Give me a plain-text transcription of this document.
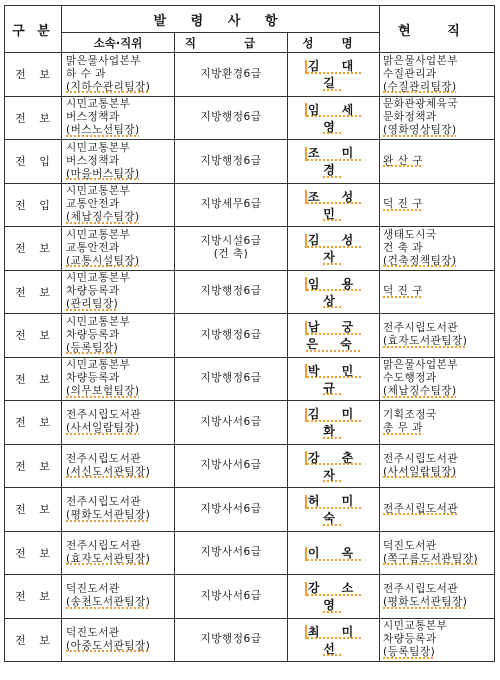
구 분	발 령 사 항			현 직
	소속·직위	직 급	성 명	
전 보	맑은물사업본부
하 수 과
(지하수관리팀장)	지방환경6급	김 대 길	맑은물사업본부
수질관리과
(수질관리팀장)

전 보	시민교통본부
버스정책과
(버스노선팀장)	지방행정6급	임 세 영	문화관광체육국
문화정책과
(영화영상팀장)

전 입	시민교통본부
버스정책과
(마을버스팀장)	지방행정6급	조 미 경	완 산 구

전 입	시민교통본부
교통안전과
(체납징수팀장)	지방세무6급	조 성 민	덕 진 구

전 보	시민교통본부
교통안전과
(교통시설팀장)	지방시설6급
(건 축)	김 성 자	생태도시국
건 축 과
(건축정책팀장)

전 보	시민교통본부
차량등록과
(관리팀장)	지방행정6급	임 용 상	덕 진 구

전 보	시민교통본부
차량등록과
(등록팀장)	지방행정6급	남 궁 은 숙	전주시립도서관
(효자도서관팀장)

전 보	시민교통본부
차량등록과
(의무보험팀장)	지방행정6급	박 민 규	맑은물사업본부
수도행정과
(체납징수팀장)

전 보	전주시립도서관
(사서일람팀장)	지방사서6급	김 미 화	기획조정국
총 무 과

전 보	전주시립도서관
(서신도서관팀장)	지방사서6급	강 춘 자	전주시립도서관
(사서일람팀장)

전 보	전주시립도서관
(평화도서관팀장)	지방사서6급	허 미 숙	전주시립도서관

전 보	전주시립도서관
(효자도서관팀장)	지방사서6급	이 옥	덕진도서관
(쪽구름도서관팀장)

전 보	덕진도서관
(송천도서관팀장)	지방사서6급	강 소 영	전주시립도서관
(평화도서관팀장)

전 보	덕진도서관
(아중도서관팀장)	지방행정6급	최 미 선	시민교통본부
차량등록과
(등록팀장)
